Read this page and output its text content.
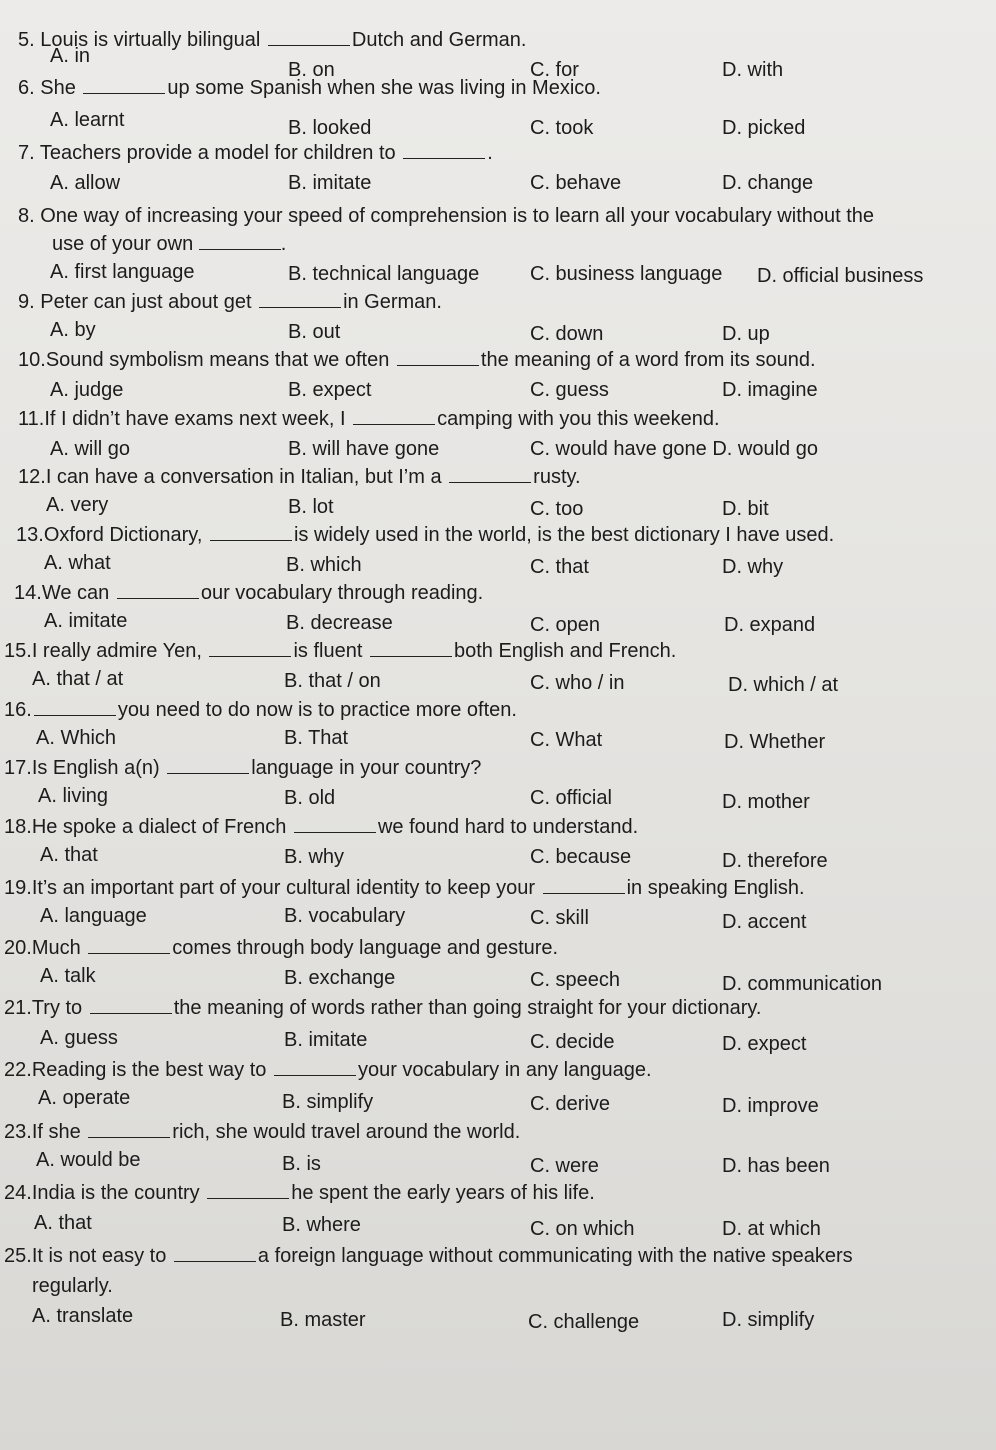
5. Louis is virtually bilingual	Dutch and German.
A. in
B. on	C. for	D. with
6. She	up some Spanish when she was living in Mexico.
A. learnt	B. looked	C. took	D. picked
7. Teachers provide a model for children to	.
A. allow	B. imitate	C. behave	D. change
8. One way of increasing your speed of comprehension is to learn all your vocabulary without the
use of your own	.
A. first language	B. technical language	C. business language D. official business
9. Peter can just about get	in German.
A. by	B. out	C. down	D. up
10.Sound symbolism means that we often	the meaning of a word from its sound.
A. judge	B. expect	C. guess	D. imagine
11.If I didn’t have exams next week, I	camping with you this weekend.
A. will go	B. will have gone	C. would have gone D. would go
12.I can have a conversation in Italian, but I’m a	rusty.
A. very	B. lot	C. too	D. bit
13.Oxford Dictionary,	is widely used in the world, is the best dictionary I have used.
A. what	B. which	C. that	D. why
14.We can	our vocabulary through reading.
A. imitate	B. decrease	C. open	D. expand
15.I really admire Yen,	is fluent	both English and French.
A. that / at	B. that / on	C. who / in	D. which / at
16.	you need to do now is to practice more often.
A. Which	B. That	C. What	D. Whether
17.Is English a(n)	language in your country?
A. living	B. old	C. official	D. mother
18.He spoke a dialect of French	we found hard to understand.
A. that	B. why	C. because	D. therefore
19.It’s an important part of your cultural identity to keep your	in speaking English.
A. language	B. vocabulary	C. skill	D. accent
20.Much	comes through body language and gesture.
A. talk	B. exchange	C. speech	D. communication
21.Try to	the meaning of words rather than going straight for your dictionary.
A. guess	B. imitate	C. decide	D. expect
22.Reading is the best way to	your vocabulary in any language.
A. operate	B. simplify	C. derive	D. improve
23.If she	rich, she would travel around the world.
A. would be	B. is	C. were	D. has been
24.India is the country	he spent the early years of his life.
A. that	B. where	C. on which	D. at which
25.It is not easy to	a foreign language without communicating with the native speakers
regularly.
A. translate	B. master	C. challenge	D. simplify
